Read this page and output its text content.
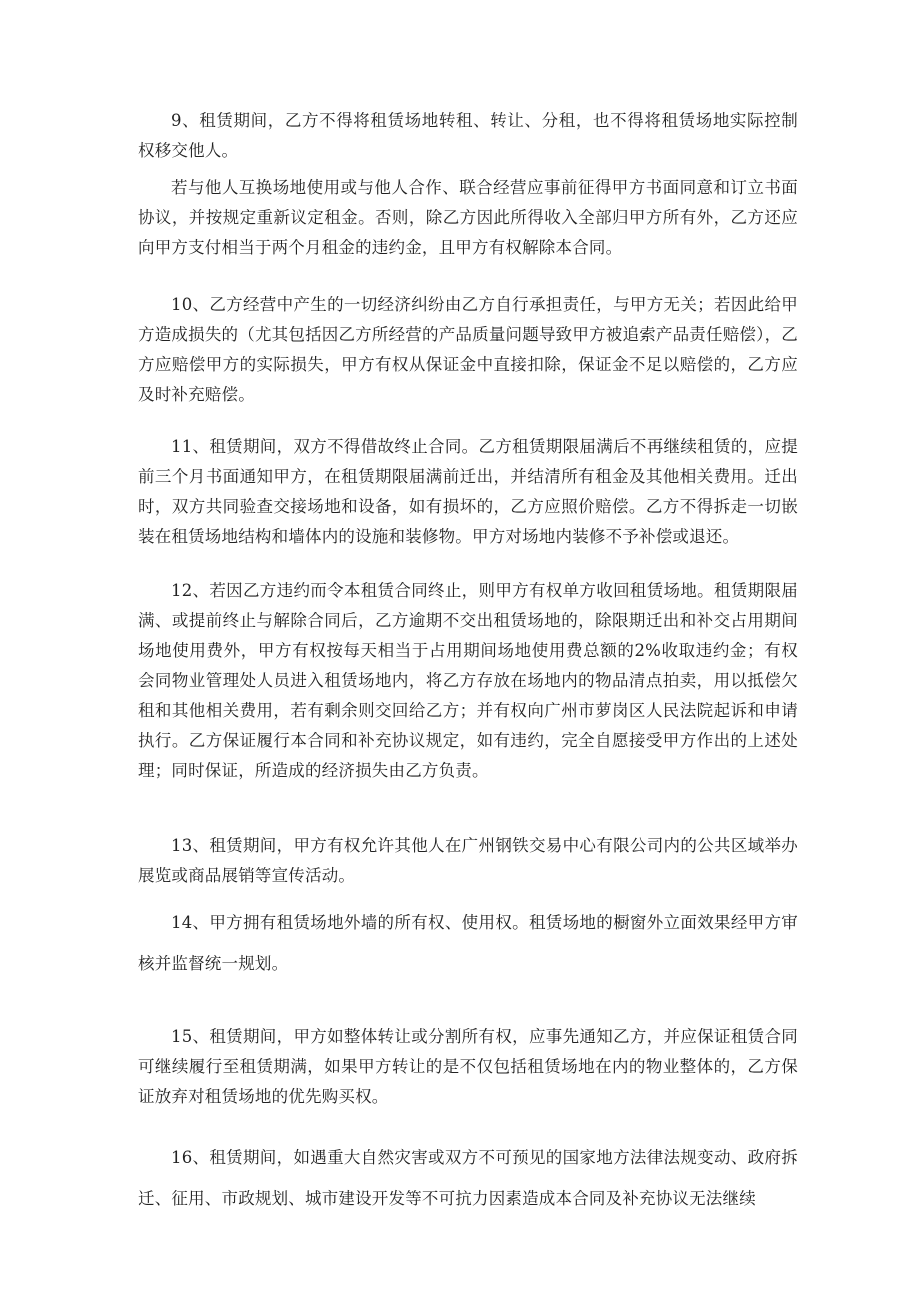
9、租赁期间，乙方不得将租赁场地转租、转让、分租，也不得将租赁场地实际控制权移交他人。

若与他人互换场地使用或与他人合作、联合经营应事前征得甲方书面同意和订立书面协议，并按规定重新议定租金。否则，除乙方因此所得收入全部归甲方所有外，乙方还应向甲方支付相当于两个月租金的违约金，且甲方有权解除本合同。

10、乙方经营中产生的一切经济纠纷由乙方自行承担责任，与甲方无关；若因此给甲方造成损失的（尤其包括因乙方所经营的产品质量问题导致甲方被追索产品责任赔偿），乙方应赔偿甲方的实际损失，甲方有权从保证金中直接扣除，保证金不足以赔偿的，乙方应及时补充赔偿。

11、租赁期间，双方不得借故终止合同。乙方租赁期限届满后不再继续租赁的，应提前三个月书面通知甲方，在租赁期限届满前迁出，并结清所有租金及其他相关费用。迁出时，双方共同验查交接场地和设备，如有损坏的，乙方应照价赔偿。乙方不得拆走一切嵌装在租赁场地结构和墙体内的设施和装修物。甲方对场地内装修不予补偿或退还。

12、若因乙方违约而令本租赁合同终止，则甲方有权单方收回租赁场地。租赁期限届满、或提前终止与解除合同后，乙方逾期不交出租赁场地的，除限期迁出和补交占用期间场地使用费外，甲方有权按每天相当于占用期间场地使用费总额的2%收取违约金；有权会同物业管理处人员进入租赁场地内，将乙方存放在场地内的物品清点拍卖，用以抵偿欠租和其他相关费用，若有剩余则交回给乙方；并有权向广州市萝岗区人民法院起诉和申请执行。乙方保证履行本合同和补充协议规定，如有违约，完全自愿接受甲方作出的上述处理；同时保证，所造成的经济损失由乙方负责。

13、租赁期间，甲方有权允许其他人在广州钢铁交易中心有限公司内的公共区域举办展览或商品展销等宣传活动。

14、甲方拥有租赁场地外墙的所有权、使用权。租赁场地的橱窗外立面效果经甲方审核并监督统一规划。

15、租赁期间，甲方如整体转让或分割所有权，应事先通知乙方，并应保证租赁合同可继续履行至租赁期满，如果甲方转让的是不仅包括租赁场地在内的物业整体的，乙方保证放弃对租赁场地的优先购买权。

16、租赁期间，如遇重大自然灾害或双方不可预见的国家地方法律法规变动、政府拆迁、征用、市政规划、城市建设开发等不可抗力因素造成本合同及补充协议无法继续
